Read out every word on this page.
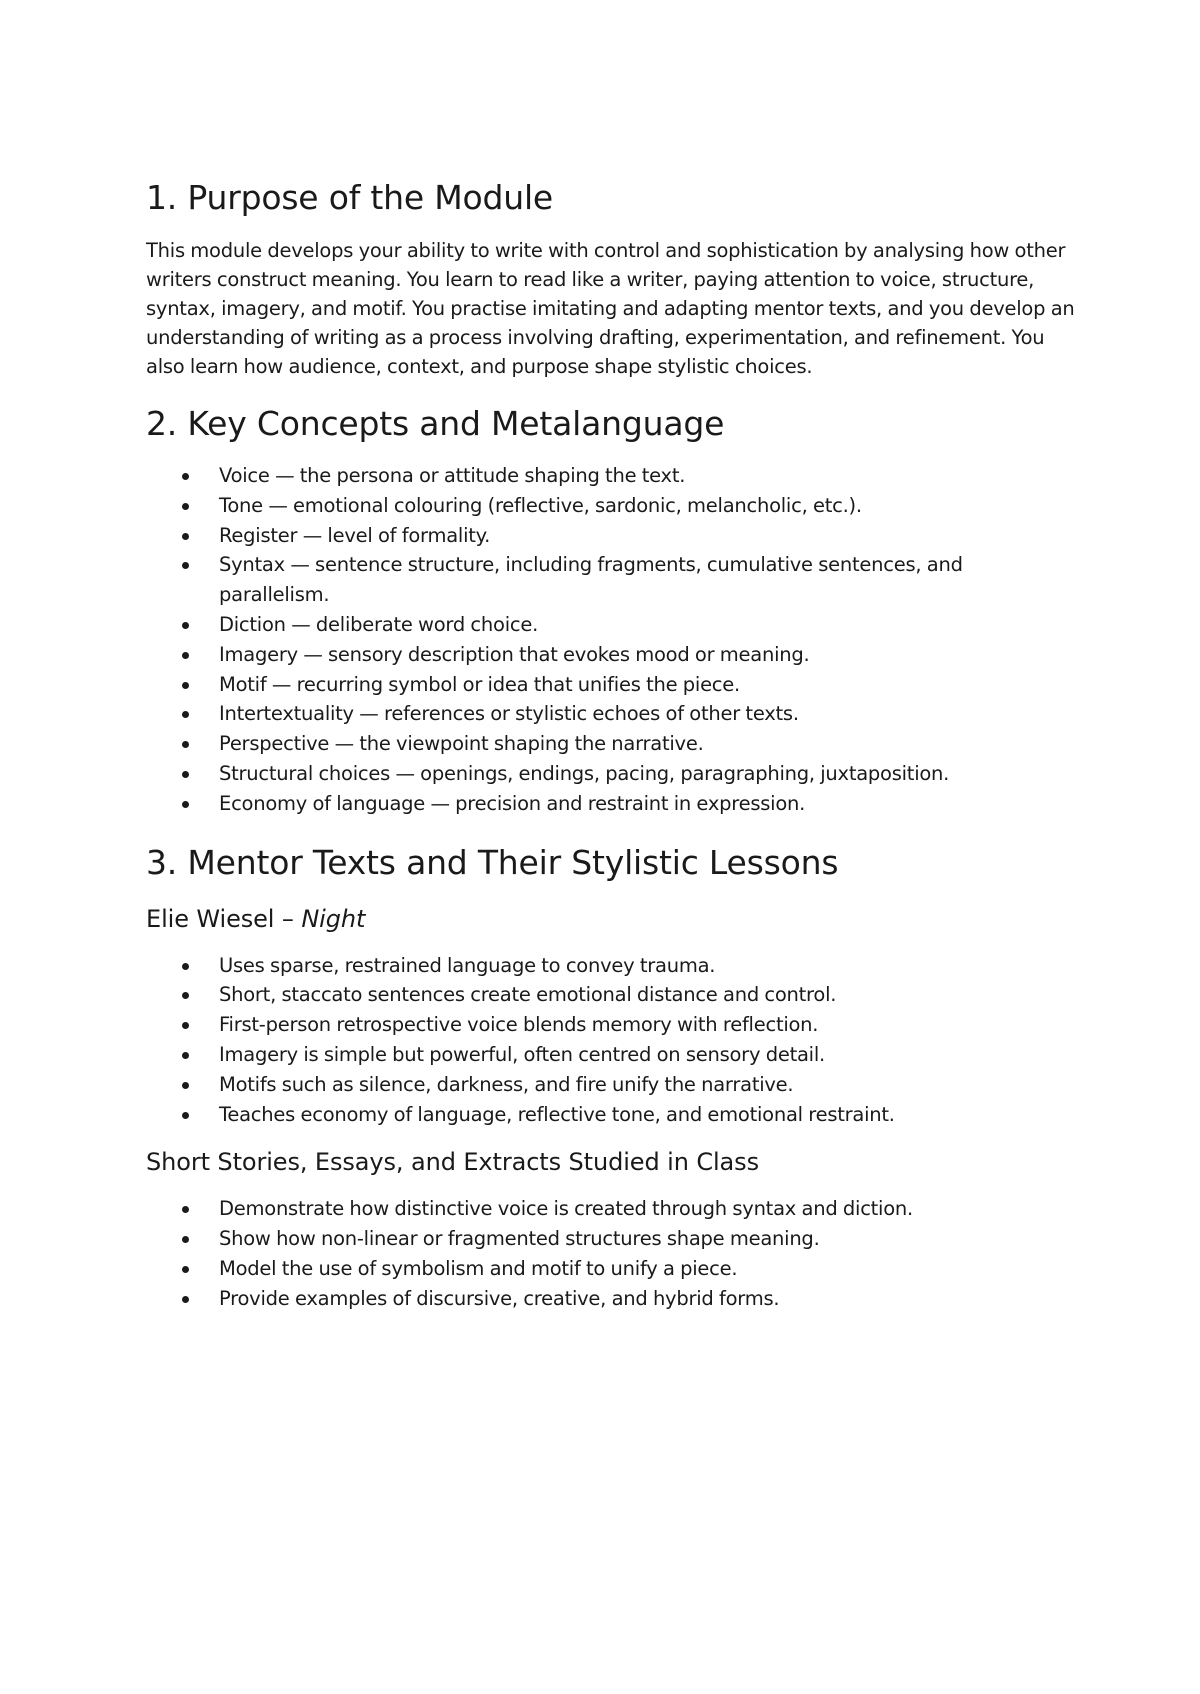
1. Purpose of the Module

This module develops your ability to write with control and sophistication by analysing how other writers construct meaning. You learn to read like a writer, paying attention to voice, structure, syntax, imagery, and motif. You practise imitating and adapting mentor texts, and you develop an understanding of writing as a process involving drafting, experimentation, and refinement. You also learn how audience, context, and purpose shape stylistic choices.

2. Key Concepts and Metalanguage
Voice — the persona or attitude shaping the text.
Tone — emotional colouring (reflective, sardonic, melancholic, etc.).
Register — level of formality.
Syntax — sentence structure, including fragments, cumulative sentences, and parallelism.
Diction — deliberate word choice.
Imagery — sensory description that evokes mood or meaning.
Motif — recurring symbol or idea that unifies the piece.
Intertextuality — references or stylistic echoes of other texts.
Perspective — the viewpoint shaping the narrative.
Structural choices — openings, endings, pacing, paragraphing, juxtaposition.
Economy of language — precision and restraint in expression.
3. Mentor Texts and Their Stylistic Lessons
Elie Wiesel – Night
Uses sparse, restrained language to convey trauma.
Short, staccato sentences create emotional distance and control.
First-person retrospective voice blends memory with reflection.
Imagery is simple but powerful, often centred on sensory detail.
Motifs such as silence, darkness, and fire unify the narrative.
Teaches economy of language, reflective tone, and emotional restraint.
Short Stories, Essays, and Extracts Studied in Class
Demonstrate how distinctive voice is created through syntax and diction.
Show how non-linear or fragmented structures shape meaning.
Model the use of symbolism and motif to unify a piece.
Provide examples of discursive, creative, and hybrid forms.
